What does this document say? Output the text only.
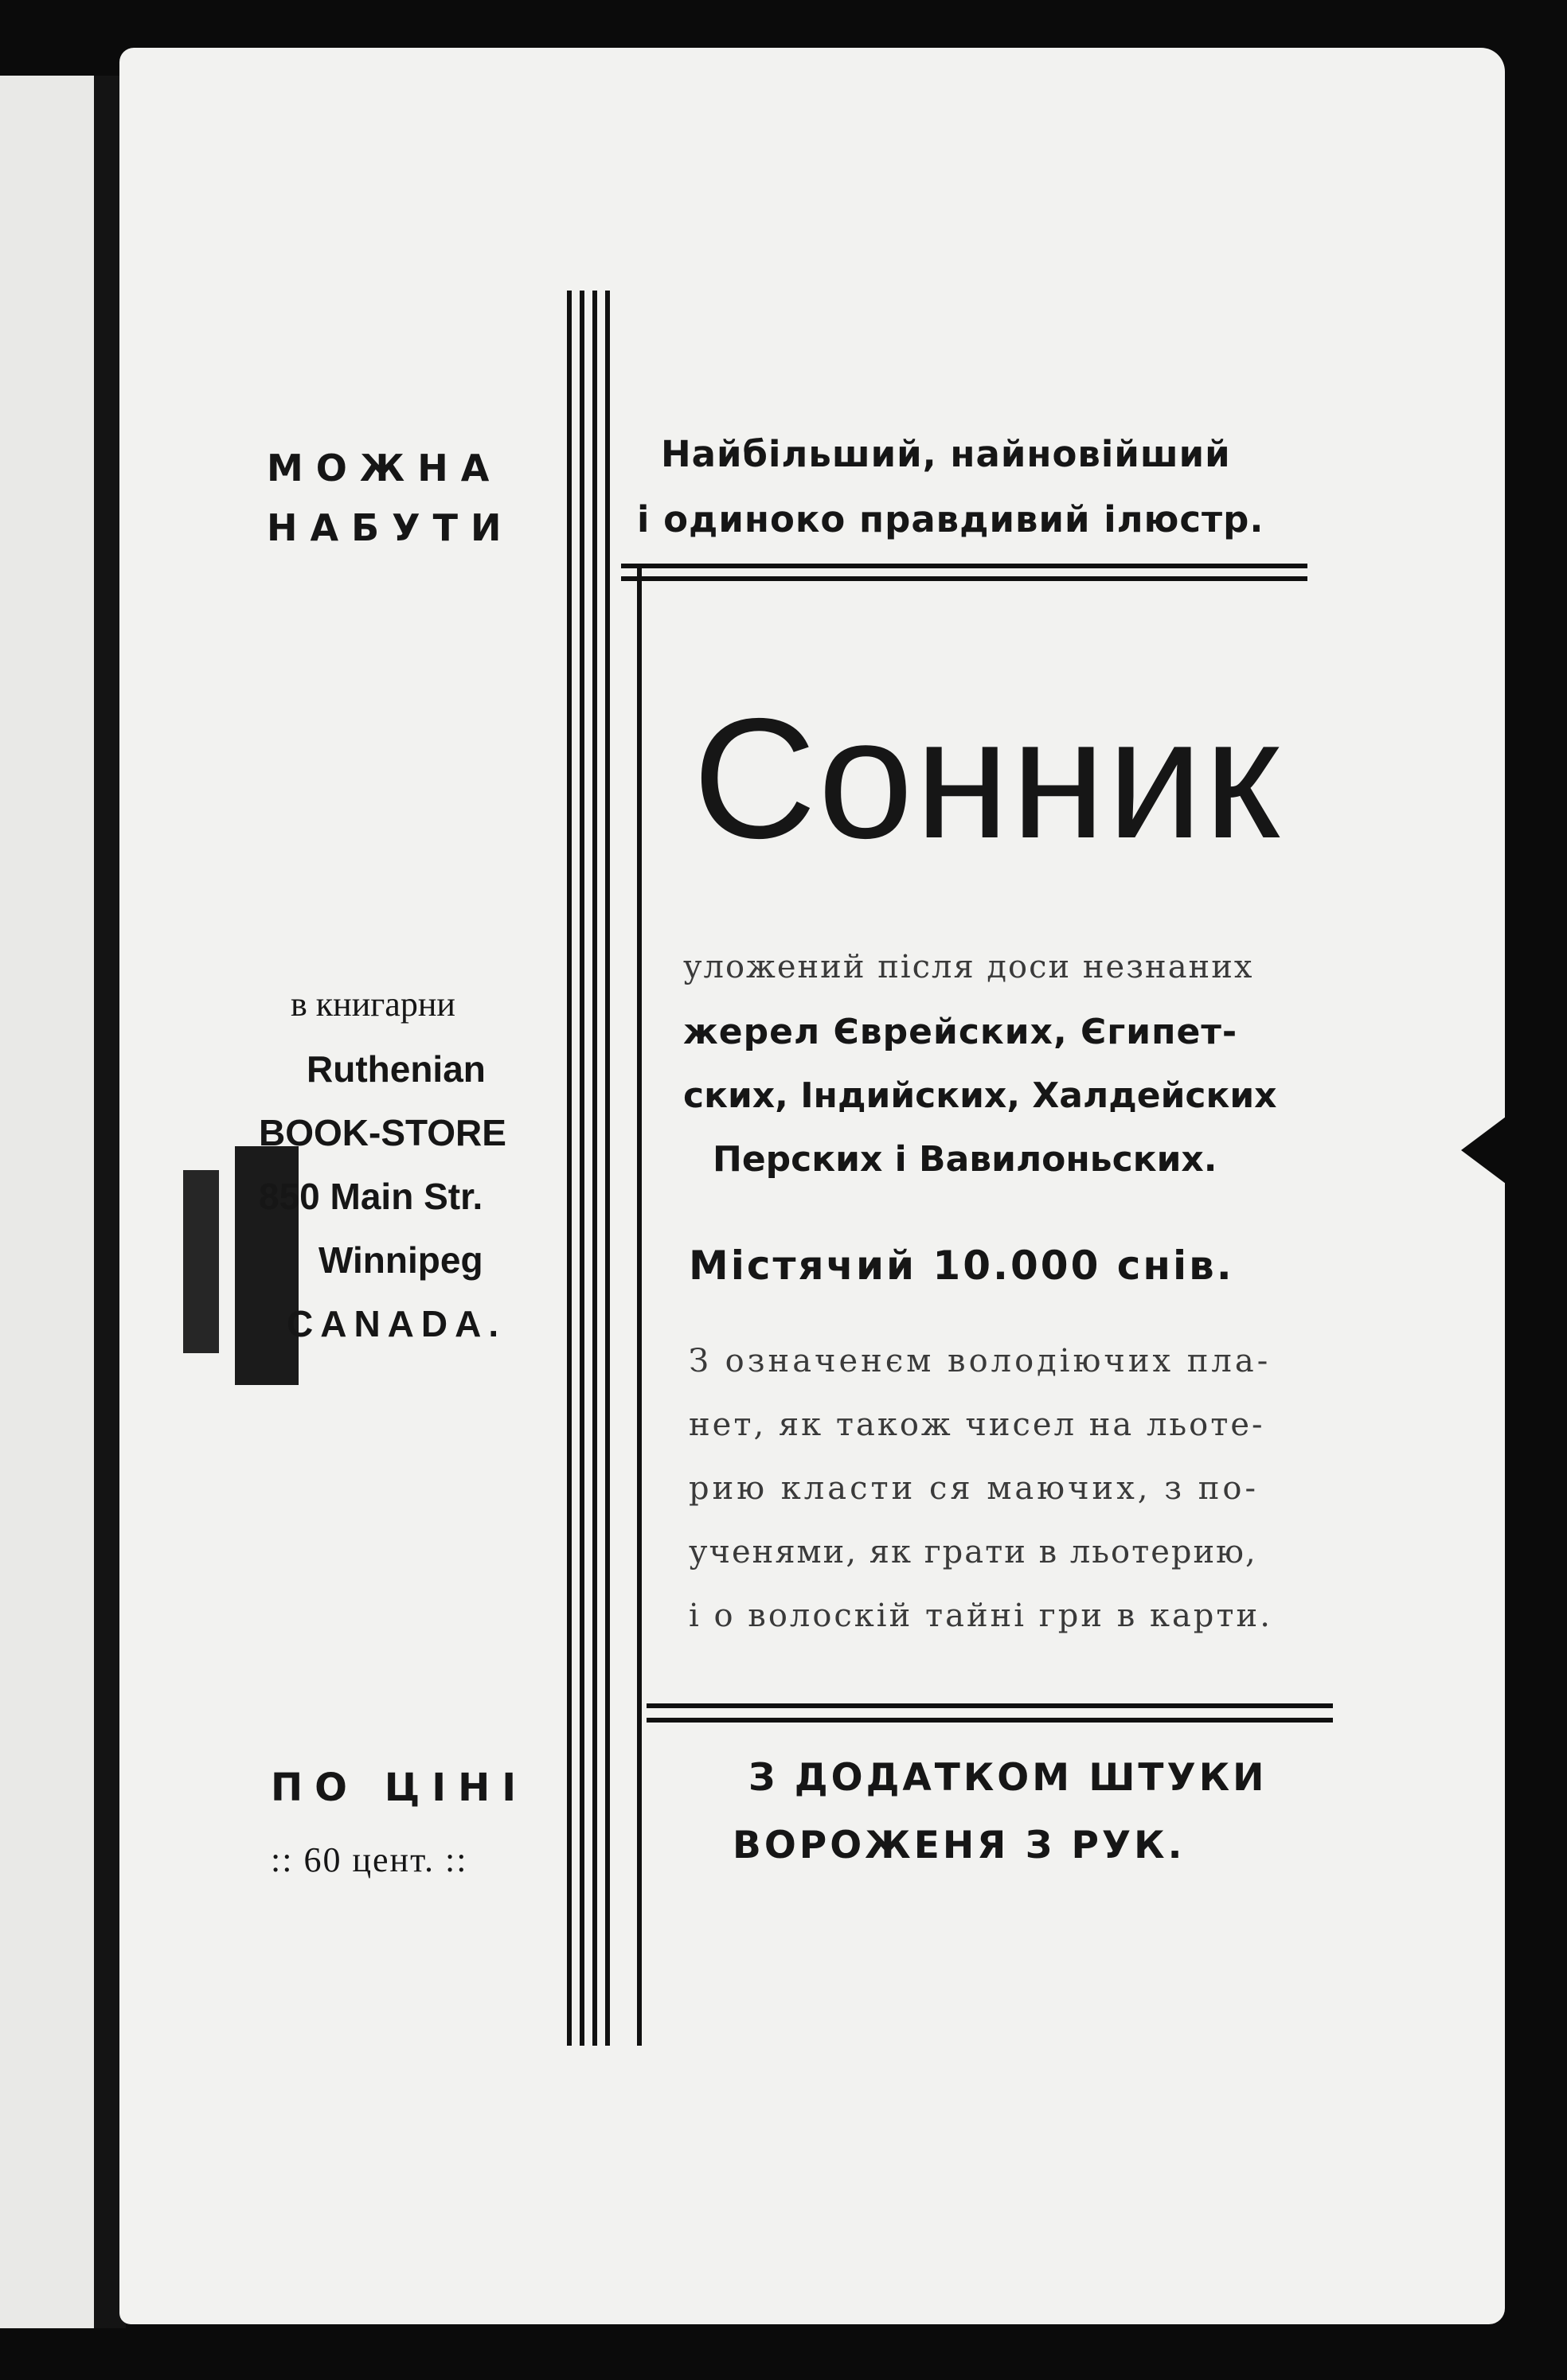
МОЖНА
НАБУТИ
в книгарни
Ruthenian
BOOK-STORE
850 Main Str.
Winnipeg
CANADA.
ПО ЦІНІ
:: 60 цент. ::
Найбільший, найновійший
і одиноко правдивий ілюстр.
Сонник
уложений після доси незнаних
жерел Єврейских, Єгипет-
ских, Індийских, Халдейских
Перских і Вавилоньских.
Містячий 10.000 снів.
З означенєм володіючих пла-
нет, як також чисел на льоте-
рию класти ся маючих, з по-
ученями, як грати в льотерию,
і о волоскій тайні гри в карти.
З ДОДАТКОМ ШТУКИ
ВОРОЖЕНЯ З РУК.
